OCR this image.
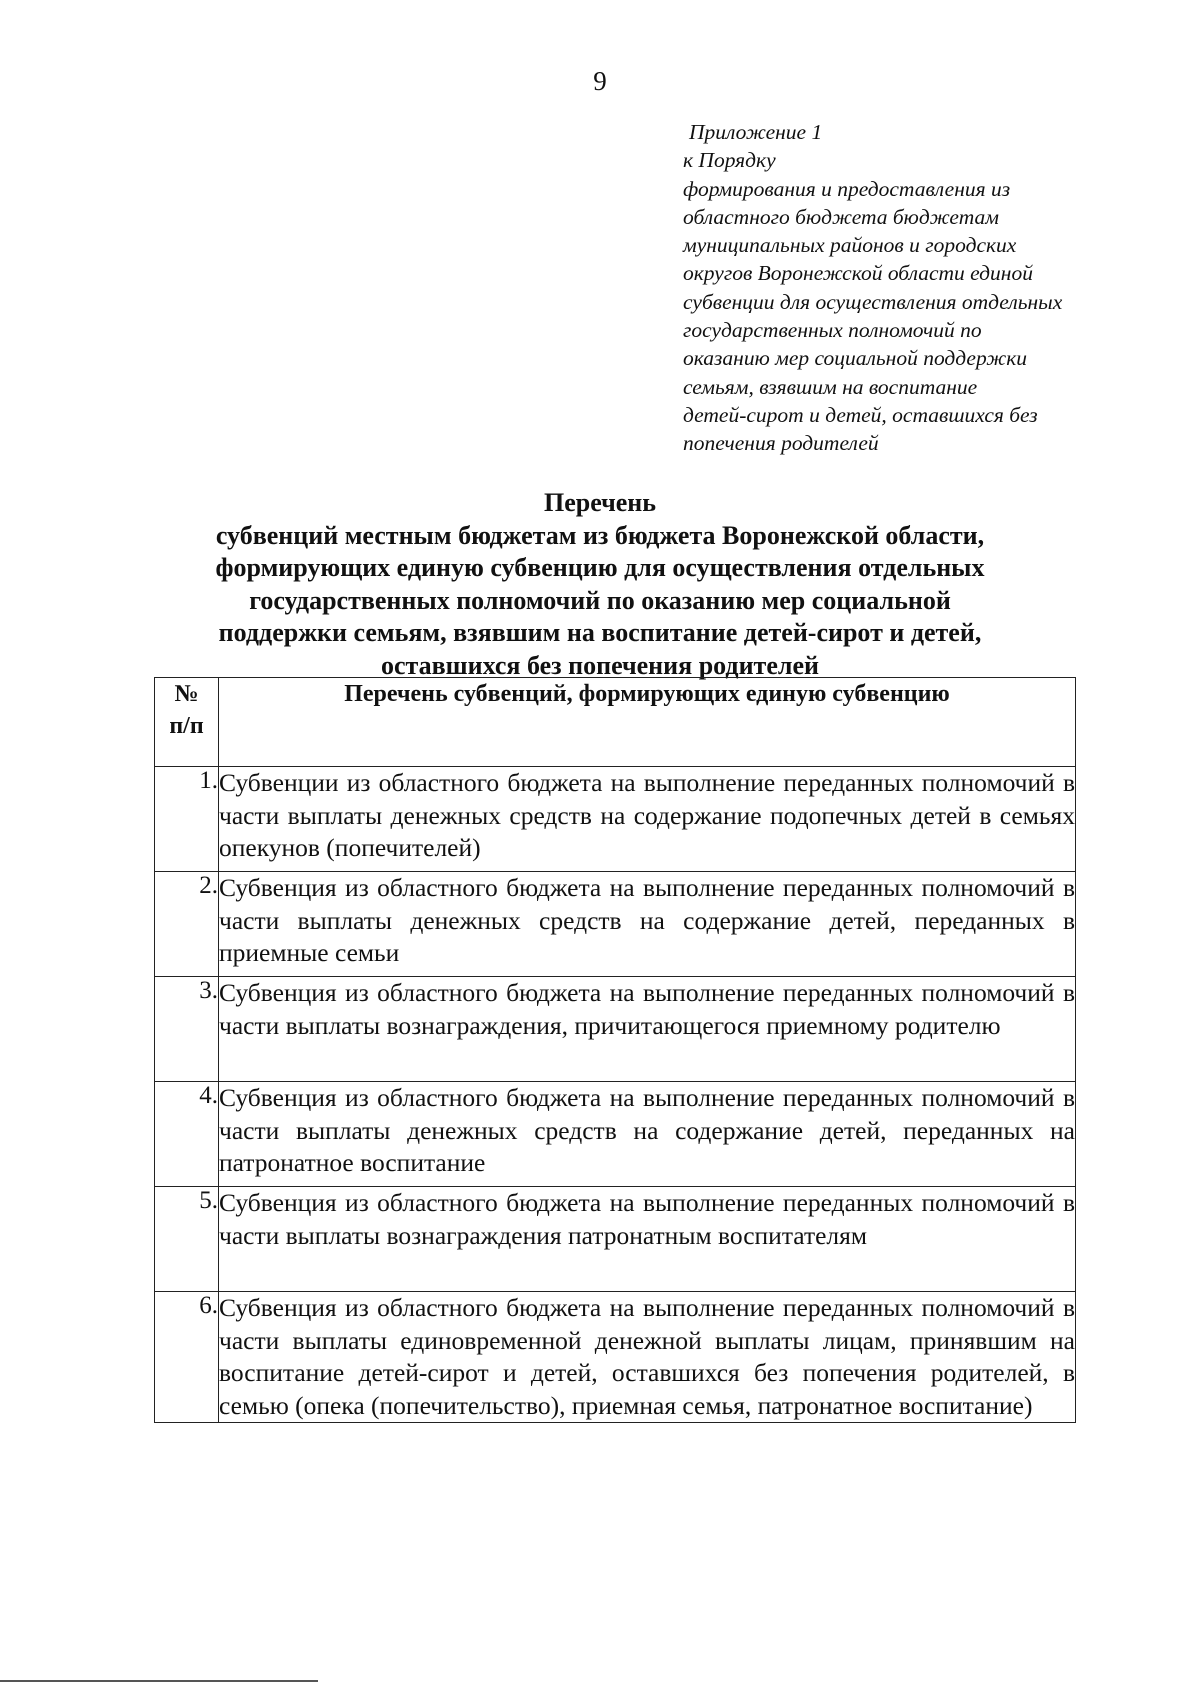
9
Приложение 1
к Порядку
формирования и предоставления из
областного бюджета бюджетам
муниципальных районов и городских
округов Воронежской области единой
субвенции для осуществления отдельных
государственных полномочий по
оказанию мер социальной поддержки
семьям, взявшим на воспитание
детей-сирот и детей, оставшихся без
попечения родителей
Перечень
субвенций местным бюджетам из бюджета Воронежской области,
формирующих единую субвенцию для осуществления отдельных
государственных полномочий по оказанию мер социальной
поддержки семьям, взявшим на воспитание детей-сирот и детей,
оставшихся без попечения родителей
№
п/п	Перечень субвенций, формирующих единую субвенцию
1.	Субвенции из областного бюджета на выполнение переданных полномочий в части выплаты денежных средств на содержание подопечных детей в семьях опекунов (попечителей)
2.	Субвенция из областного бюджета на выполнение переданных полномочий в части выплаты денежных средств на содержание детей, переданных в приемные семьи
3.	Субвенция из областного бюджета на выполнение переданных полномочий в части выплаты вознаграждения, причитающегося приемному родителю
4.	Субвенция из областного бюджета на выполнение переданных полномочий в части выплаты денежных средств на содержание детей, переданных на патронатное воспитание
5.	Субвенция из областного бюджета на выполнение переданных полномочий в части выплаты вознаграждения патронатным воспитателям
6.	Субвенция из областного бюджета на выполнение переданных полномочий в части выплаты единовременной денежной выплаты лицам, принявшим на воспитание детей-сирот и детей, оставшихся без попечения родителей, в семью (опека (попечительство), приемная семья, патронатное воспитание)
